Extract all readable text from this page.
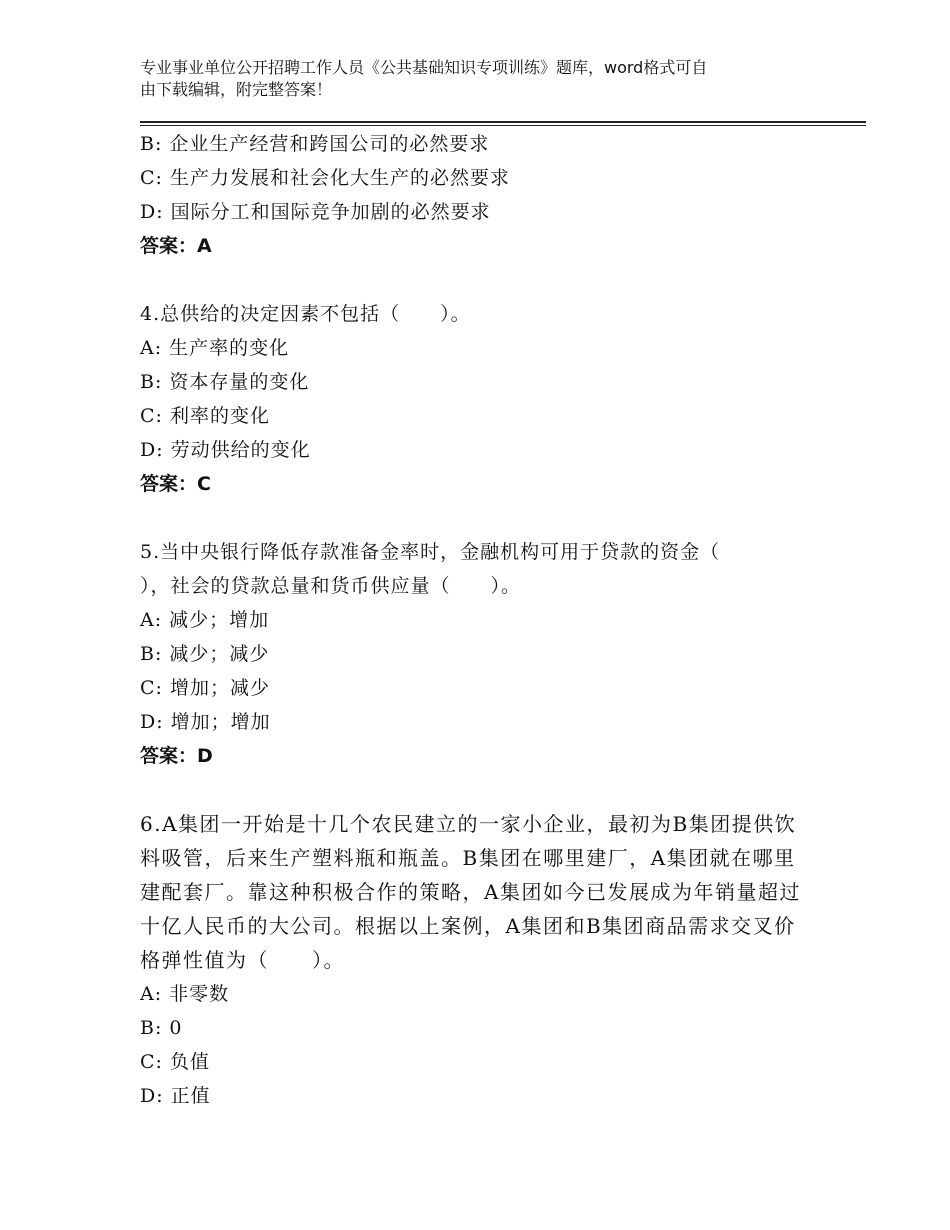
专业事业单位公开招聘工作人员《公共基础知识专项训练》题库，word格式可自
由下载编辑，附完整答案！

B: 企业生产经营和跨国公司的必然要求

C: 生产力发展和社会化大生产的必然要求

D: 国际分工和国际竞争加剧的必然要求

答案：A

4.总供给的决定因素不包括（　　）。

A: 生产率的变化

B: 资本存量的变化

C: 利率的变化

D: 劳动供给的变化

答案：C

5.当中央银行降低存款准备金率时，金融机构可用于贷款的资金（

），社会的贷款总量和货币供应量（　　）。

A: 减少；增加

B: 减少；减少

C: 增加；减少

D: 增加；增加

答案：D

6.A集团一开始是十几个农民建立的一家小企业，最初为B集团提供饮

料吸管，后来生产塑料瓶和瓶盖。B集团在哪里建厂，A集团就在哪里

建配套厂。靠这种积极合作的策略，A集团如今已发展成为年销量超过

十亿人民币的大公司。根据以上案例，A集团和B集团商品需求交叉价

格弹性值为（　　）。

A: 非零数

B: 0

C: 负值

D: 正值
